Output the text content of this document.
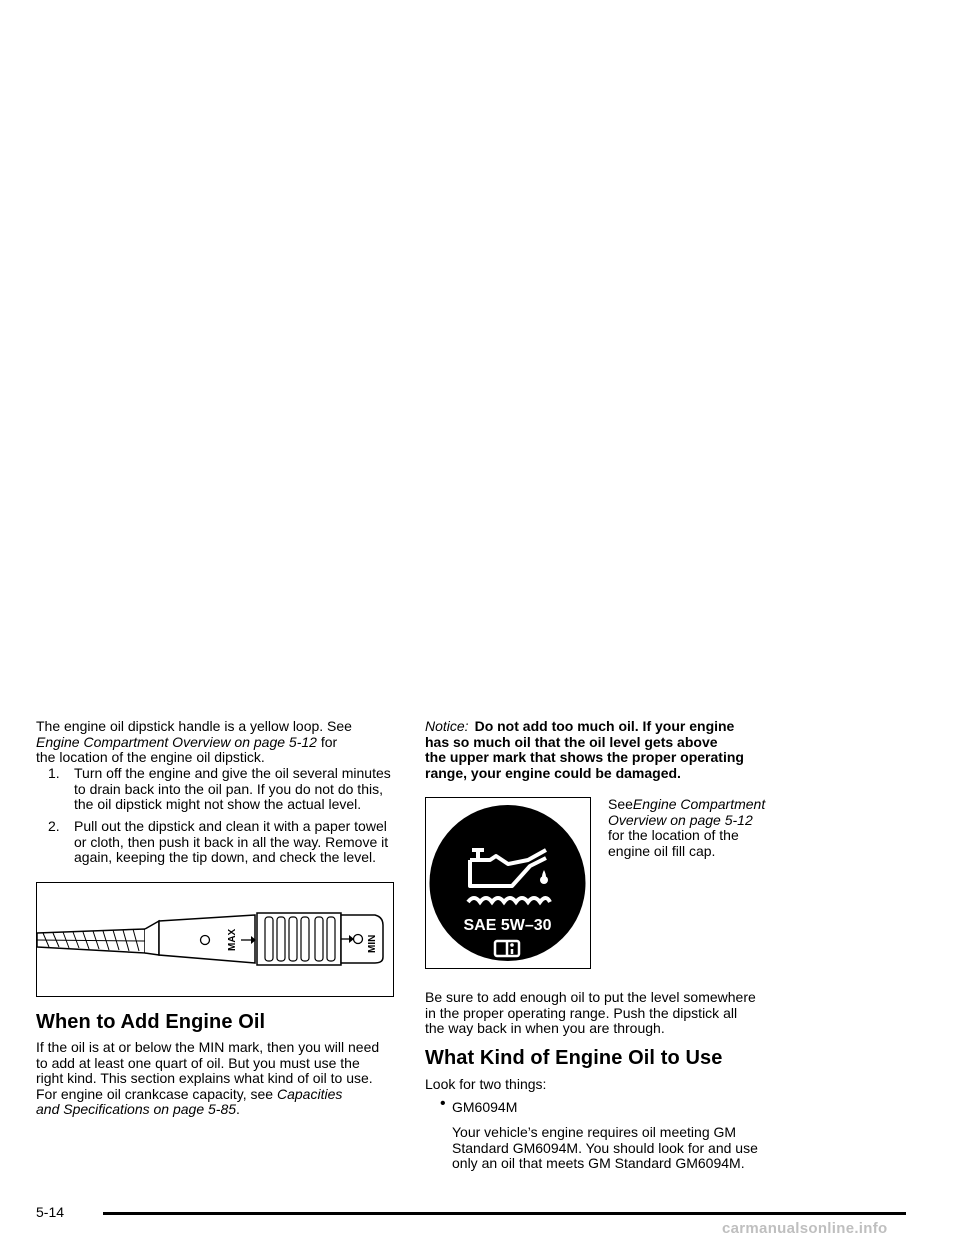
The engine oil dipstick handle is a yellow loop. See
Engine Compartment Overview on page 5-12 for
the location of the engine oil dipstick.
1. Turn off the engine and give the oil several minutes
to drain back into the oil pan. If you do not do this,
the oil dipstick might not show the actual level.
2. Pull out the dipstick and clean it with a paper towel
or cloth, then push it back in all the way. Remove it
again, keeping the tip down, and check the level.
MAX	MIN
When to Add Engine Oil
If the oil is at or below the MIN mark, then you will need
to add at least one quart of oil. But you must use the
right kind. This section explains what kind of oil to use.
For engine oil crankcase capacity, see Capacities
and Specifications on page 5-85.
Notice: Do not add too much oil. If your engine
has so much oil that the oil level gets above
the upper mark that shows the proper operating
range, your engine could be damaged.
SAE 5W–30
SeeEngine Compartment
Overview on page 5-12
for the location of the
engine oil fill cap.
Be sure to add enough oil to put the level somewhere
in the proper operating range. Push the dipstick all
the way back in when you are through.
What Kind of Engine Oil to Use
Look for two things:
• GM6094M
Your vehicle’s engine requires oil meeting GM
Standard GM6094M. You should look for and use
only an oil that meets GM Standard GM6094M.
5-14
carmanualsonline.info
